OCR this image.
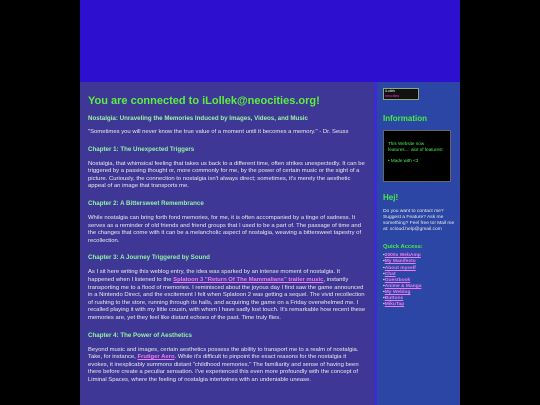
You are connected to iLollek@neocities.org!
Nostalgia: Unraveling the Memories Induced by Images, Videos, and Music
"Sometimes you will never know the true value of a moment until it becomes a memory." - Dr. Seuss
Chapter 1: The Unexpected Triggers
Nostalgia, that whimsical feeling that takes us back to a different time, often strikes unexpectedly. It can be triggered by a passing thought or, more commonly for me, by the power of certain music or the sight of a picture. Curiously, the connection to nostalgia isn't always direct; sometimes, it's merely the aesthetic appeal of an image that transports me.
Chapter 2: A Bittersweet Remembrance
While nostalgia can bring forth fond memories, for me, it is often accompanied by a tinge of sadness. It serves as a reminder of old friends and friend groups that I used to be a part of. The passage of time and the changes that come with it can be a melancholic aspect of nostalgia, weaving a bittersweet tapestry of recollection.
Chapter 3: A Journey Triggered by Sound
As I sit here writing this weblog entry, the idea was sparked by an intense moment of nostalgia. It happened when I listened to the Splatoon 3 "Return Of The Mammalians" trailer music, instantly transporting me to a flood of memories. I reminisced about the joyous day I first saw the game announced in a Nintendo Direct, and the excitement I felt when Splatoon 2 was getting a sequel. The vivid recollection of rushing to the store, running through its halls, and acquiring the game on a Friday overwhelmed me. I recalled playing it with my little cousin, with whom I have sadly lost touch. It's remarkable how recent these memories are, yet they feel like distant echoes of the past. Time truly flies.
Chapter 4: The Power of Aesthetics
Beyond music and images, certain aesthetics possess the ability to transport me to a realm of nostalgia. Take, for instance, Frutiger Aero. While it's difficult to pinpoint the exact reasons for the nostalgia it evokes, it inexplicably summons distant "childhood memories." The familiarity and sense of having been there before create a peculiar sensation. I've experienced this even more profoundly with the concept of Liminal Spaces, where the feeling of nostalgia intertwines with an undeniable unease.
iLollek
neocities
Information
This Website now features.... alot of features!
• Made with <3
Hej!
Do you want to contact me? Suggest a Feature? Ask me something? Feel free to! Mail me at: xcloud.help@gmail.com
Quick Access:
▪ 2000s WebAmp
▪ My Manifesto
▪ About myself
▪ Chat
▪ Guestbook
▪ Anime & Manga
▪ My Weblog
▪ Buttons
▪ MikuTap
